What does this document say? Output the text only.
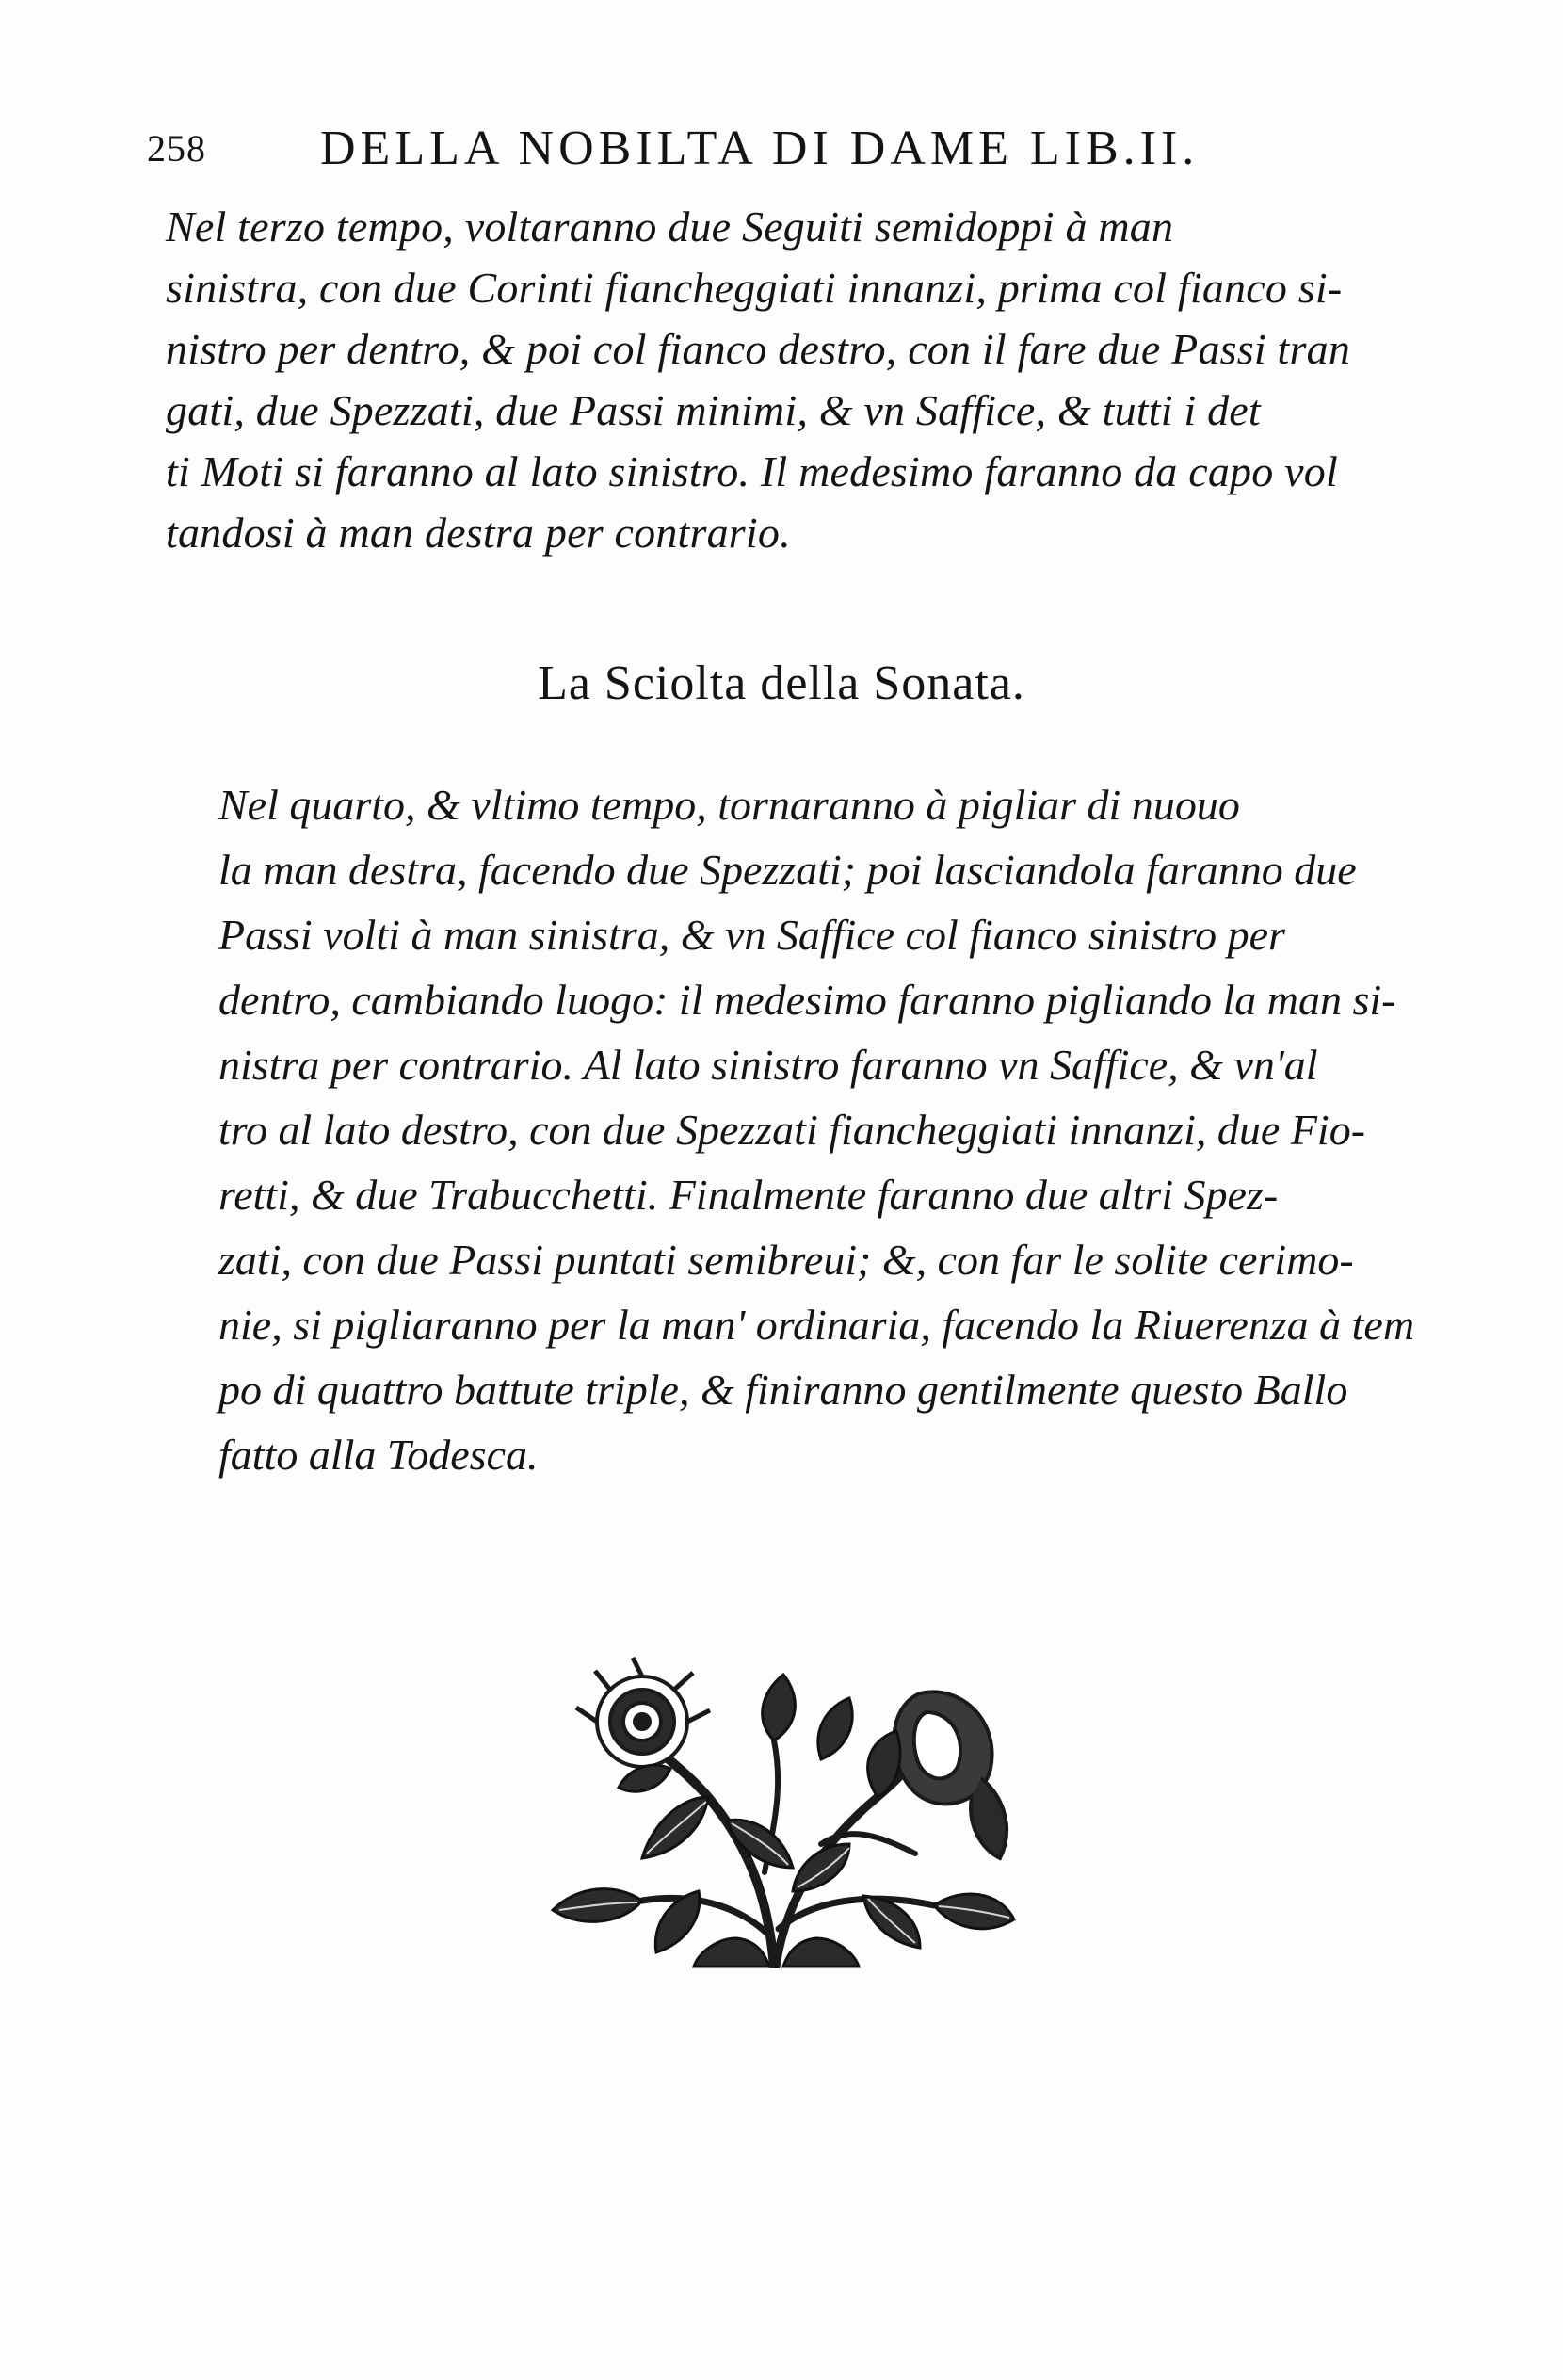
258 DELLA NOBILTA DI DAME LIB.II.
Nel terzo tempo, voltaranno due Seguiti semidoppi à man
sinistra, con due Corinti fiancheggiati innanzi, prima col fianco si-
nistro per dentro, & poi col fianco destro, con il fare due Passi tran
gati, due Spezzati, due Passi minimi, & vn Saffice, & tutti i det
ti Moti si faranno al lato sinistro. Il medesimo faranno da capo vol
tandosi à man destra per contrario.
La Sciolta della Sonata.
Nel quarto, & vltimo tempo, tornaranno à pigliar di nuouo
la man destra, facendo due Spezzati; poi lasciandola faranno due
Passi volti à man sinistra, & vn Saffice col fianco sinistro per
dentro, cambiando luogo: il medesimo faranno pigliando la man si-
nistra per contrario. Al lato sinistro faranno vn Saffice, & vn'al
tro al lato destro, con due Spezzati fiancheggiati innanzi, due Fio-
retti, & due Trabucchetti. Finalmente faranno due altri Spez-
zati, con due Passi puntati semibreui; &, con far le solite cerimo-
nie, si pigliaranno per la man' ordinaria, facendo la Riuerenza à tem
po di quattro battute triple, & finiranno gentilmente questo Ballo
fatto alla Todesca.
